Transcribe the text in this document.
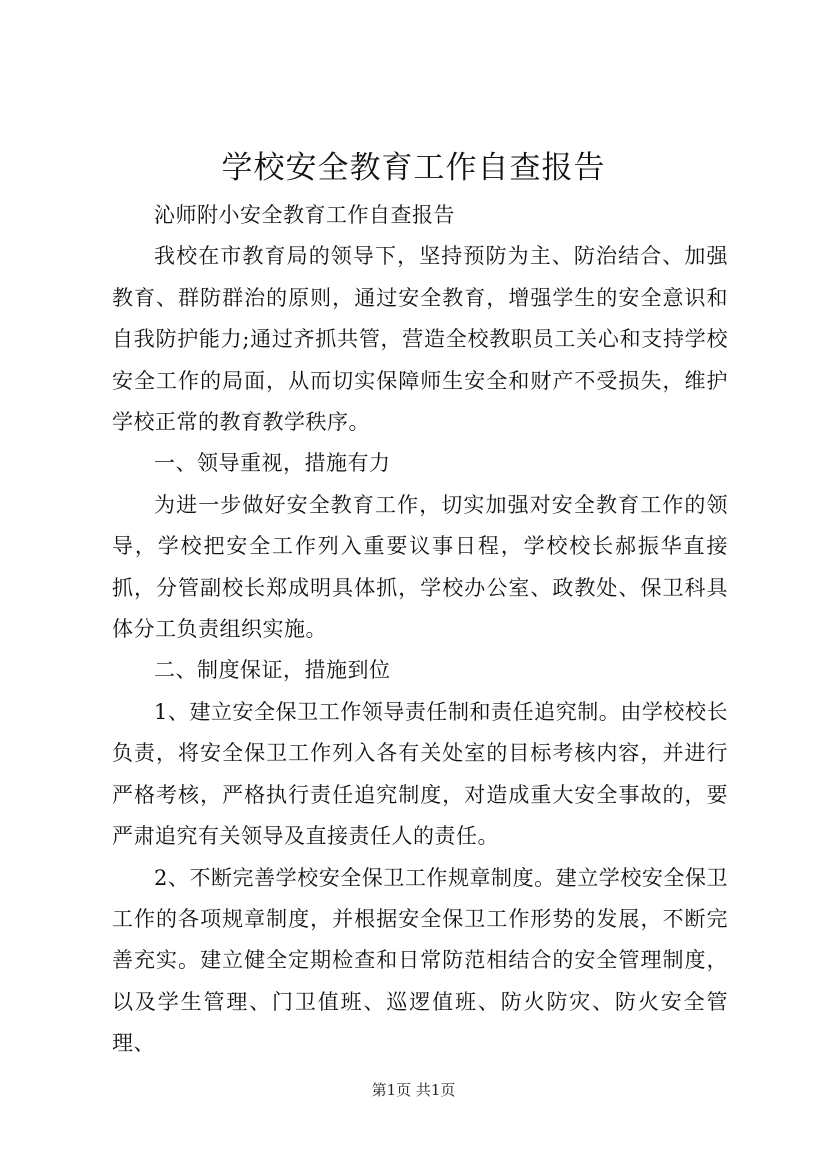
学校安全教育工作自查报告

沁师附小安全教育工作自查报告

我校在市教育局的领导下，坚持预防为主、防治结合、加强教育、群防群治的原则，通过安全教育，增强学生的安全意识和自我防护能力;通过齐抓共管，营造全校教职员工关心和支持学校安全工作的局面，从而切实保障师生安全和财产不受损失，维护学校正常的教育教学秩序。

一、领导重视，措施有力

为进一步做好安全教育工作，切实加强对安全教育工作的领导，学校把安全工作列入重要议事日程，学校校长郝振华直接抓，分管副校长郑成明具体抓，学校办公室、政教处、保卫科具体分工负责组织实施。

二、制度保证，措施到位

1、建立安全保卫工作领导责任制和责任追究制。由学校校长负责，将安全保卫工作列入各有关处室的目标考核内容，并进行严格考核，严格执行责任追究制度，对造成重大安全事故的，要严肃追究有关领导及直接责任人的责任。

2、不断完善学校安全保卫工作规章制度。建立学校安全保卫工作的各项规章制度，并根据安全保卫工作形势的发展，不断完善充实。建立健全定期检查和日常防范相结合的安全管理制度，以及学生管理、门卫值班、巡逻值班、防火防灾、防火安全管理、

第1页 共1页
